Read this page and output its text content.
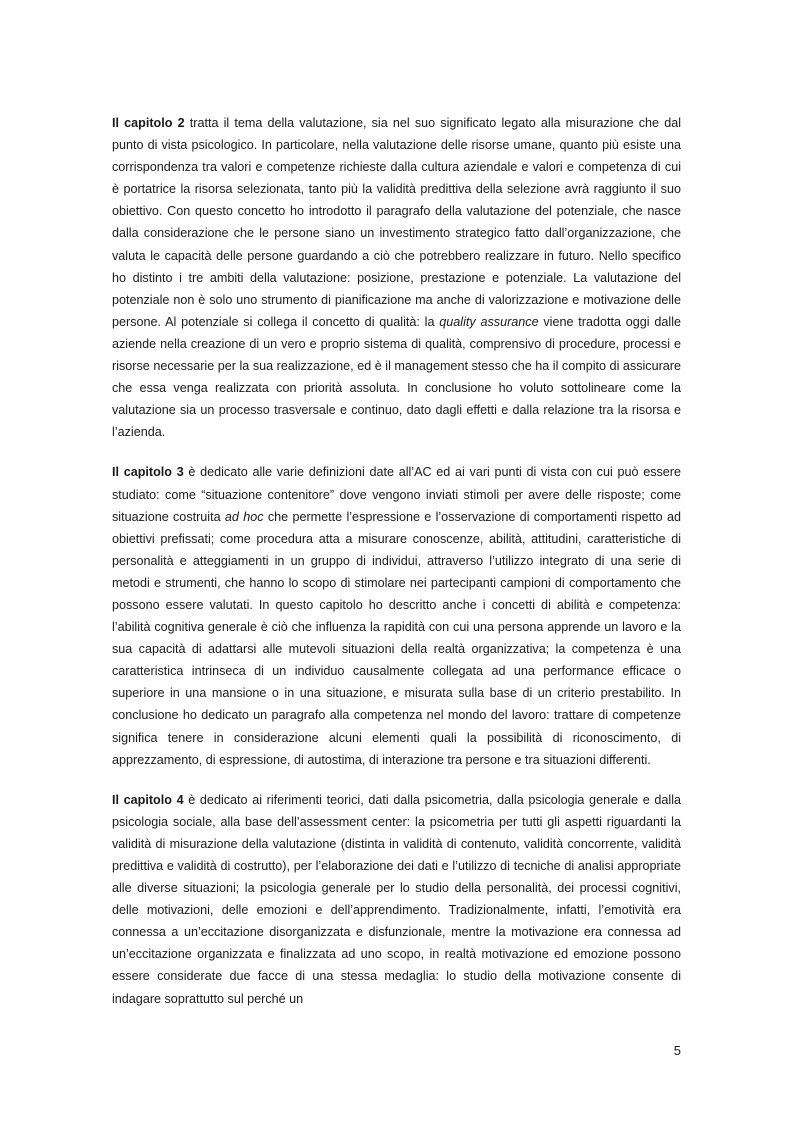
Il capitolo 2 tratta il tema della valutazione, sia nel suo significato legato alla misurazione che dal punto di vista psicologico. In particolare, nella valutazione delle risorse umane, quanto più esiste una corrispondenza tra valori e competenze richieste dalla cultura aziendale e valori e competenza di cui è portatrice la risorsa selezionata, tanto più la validità predittiva della selezione avrà raggiunto il suo obiettivo. Con questo concetto ho introdotto il paragrafo della valutazione del potenziale, che nasce dalla considerazione che le persone siano un investimento strategico fatto dall’organizzazione, che valuta le capacità delle persone guardando a ciò che potrebbero realizzare in futuro. Nello specifico ho distinto i tre ambiti della valutazione: posizione, prestazione e potenziale. La valutazione del potenziale non è solo uno strumento di pianificazione ma anche di valorizzazione e motivazione delle persone. Al potenziale si collega il concetto di qualità: la quality assurance viene tradotta oggi dalle aziende nella creazione di un vero e proprio sistema di qualità, comprensivo di procedure, processi e risorse necessarie per la sua realizzazione, ed è il management stesso che ha il compito di assicurare che essa venga realizzata con priorità assoluta. In conclusione ho voluto sottolineare come la valutazione sia un processo trasversale e continuo, dato dagli effetti e dalla relazione tra la risorsa e l’azienda.

Il capitolo 3 è dedicato alle varie definizioni date all’AC ed ai vari punti di vista con cui può essere studiato: come “situazione contenitore” dove vengono inviati stimoli per avere delle risposte; come situazione costruita ad hoc che permette l’espressione e l’osservazione di comportamenti rispetto ad obiettivi prefissati; come procedura atta a misurare conoscenze, abilità, attitudini, caratteristiche di personalità e atteggiamenti in un gruppo di individui, attraverso l’utilizzo integrato di una serie di metodi e strumenti, che hanno lo scopo di stimolare nei partecipanti campioni di comportamento che possono essere valutati. In questo capitolo ho descritto anche i concetti di abilità e competenza: l’abilità cognitiva generale è ciò che influenza la rapidità con cui una persona apprende un lavoro e la sua capacità di adattarsi alle mutevoli situazioni della realtà organizzativa; la competenza è una caratteristica intrinseca di un individuo causalmente collegata ad una performance efficace o superiore in una mansione o in una situazione, e misurata sulla base di un criterio prestabilito. In conclusione ho dedicato un paragrafo alla competenza nel mondo del lavoro: trattare di competenze significa tenere in considerazione alcuni elementi quali la possibilità di riconoscimento, di apprezzamento, di espressione, di autostima, di interazione tra persone e tra situazioni differenti.

Il capitolo 4 è dedicato ai riferimenti teorici, dati dalla psicometria, dalla psicologia generale e dalla psicologia sociale, alla base dell’assessment center: la psicometria per tutti gli aspetti riguardanti la validità di misurazione della valutazione (distinta in validità di contenuto, validità concorrente, validità predittiva e validità di costrutto), per l’elaborazione dei dati e l’utilizzo di tecniche di analisi appropriate alle diverse situazioni; la psicologia generale per lo studio della personalità, dei processi cognitivi, delle motivazioni, delle emozioni e dell’apprendimento. Tradizionalmente, infatti, l’emotività era connessa a un’eccitazione disorganizzata e disfunzionale, mentre la motivazione era connessa ad un’eccitazione organizzata e finalizzata ad uno scopo, in realtà motivazione ed emozione possono essere considerate due facce di una stessa medaglia: lo studio della motivazione consente di indagare soprattutto sul perché un

5
